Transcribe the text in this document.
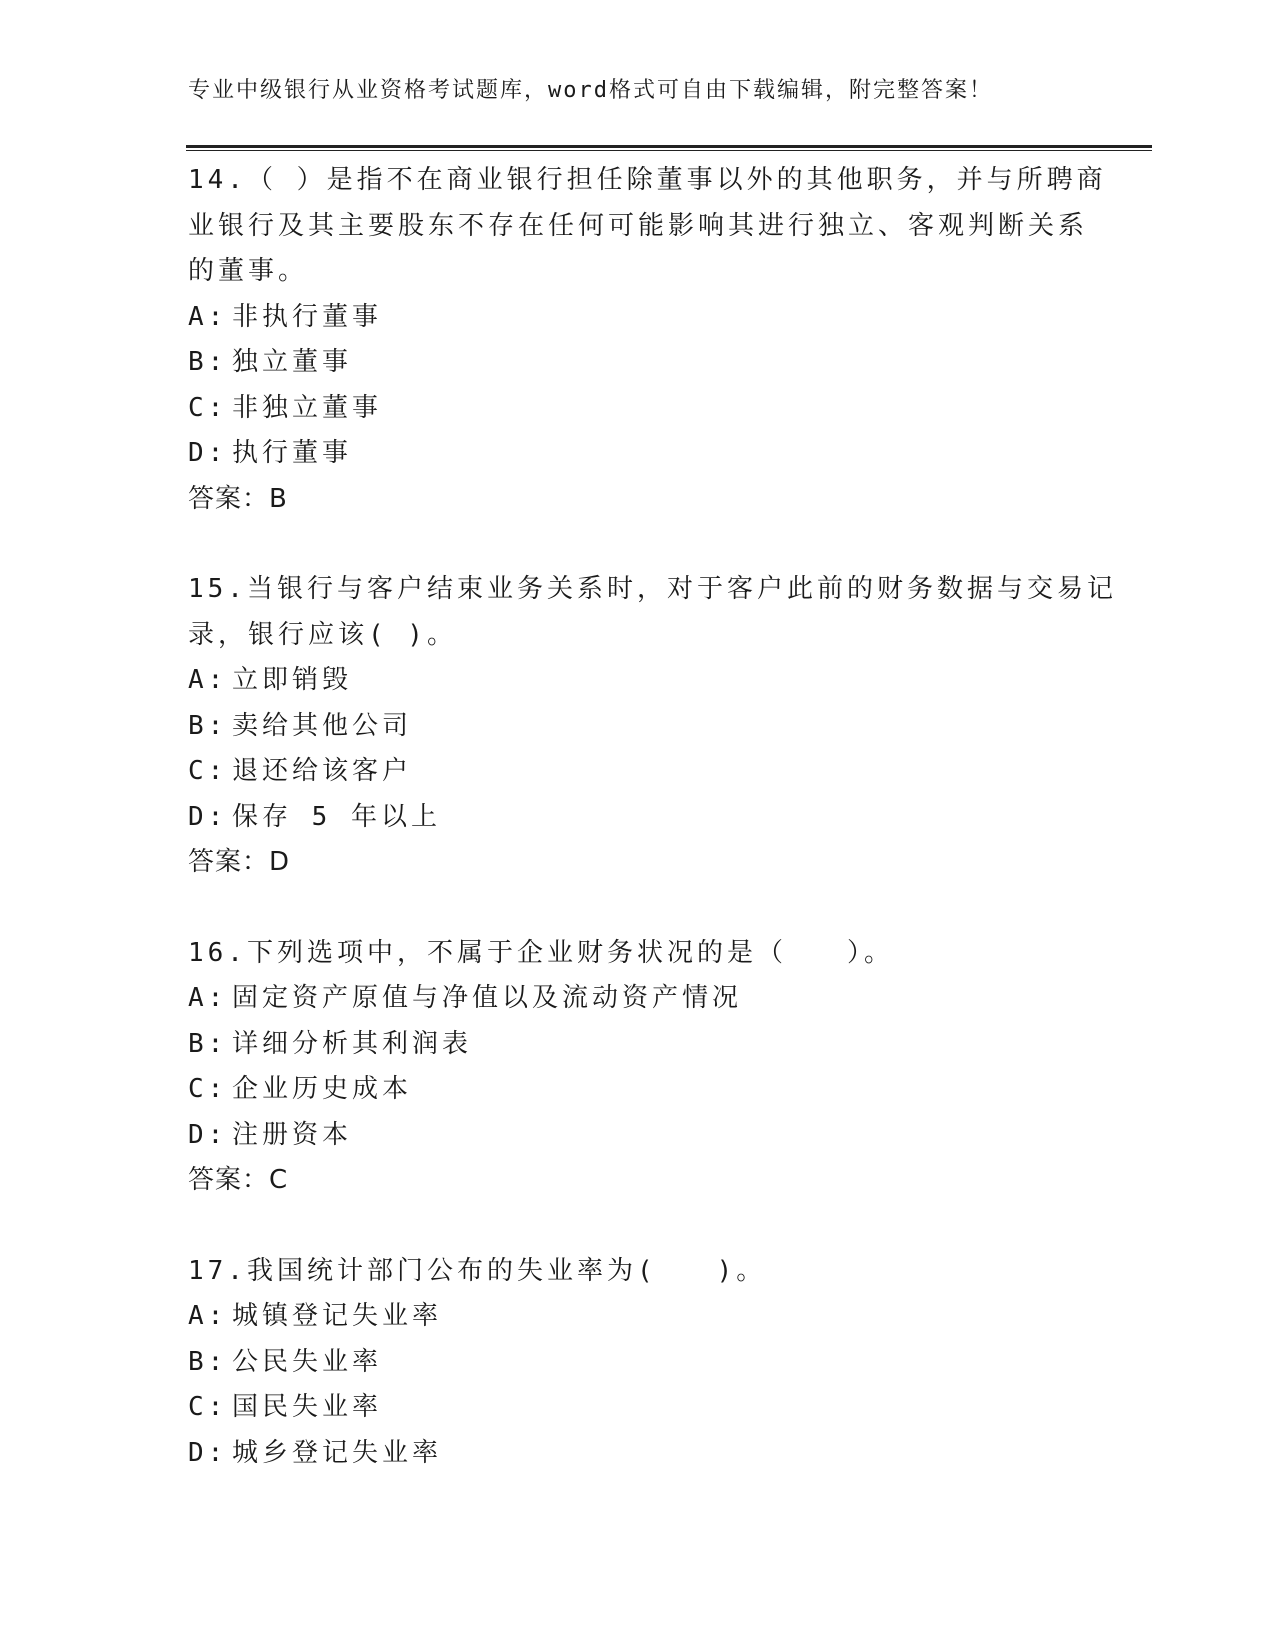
专业中级银行从业资格考试题库，word格式可自由下载编辑，附完整答案！
14.（ ）是指不在商业银行担任除董事以外的其他职务，并与所聘商
业银行及其主要股东不存在任何可能影响其进行独立、客观判断关系
的董事。
A: 非执行董事
B: 独立董事
C: 非独立董事
D: 执行董事
答案：B
15.当银行与客户结束业务关系时，对于客户此前的财务数据与交易记
录，银行应该( )。
A: 立即销毁
B: 卖给其他公司
C: 退还给该客户
D: 保存 5 年以上
答案：D
16.下列选项中，不属于企业财务状况的是（　　）。
A: 固定资产原值与净值以及流动资产情况
B: 详细分析其利润表
C: 企业历史成本
D: 注册资本
答案：C
17.我国统计部门公布的失业率为(　　)。
A: 城镇登记失业率
B: 公民失业率
C: 国民失业率
D: 城乡登记失业率
